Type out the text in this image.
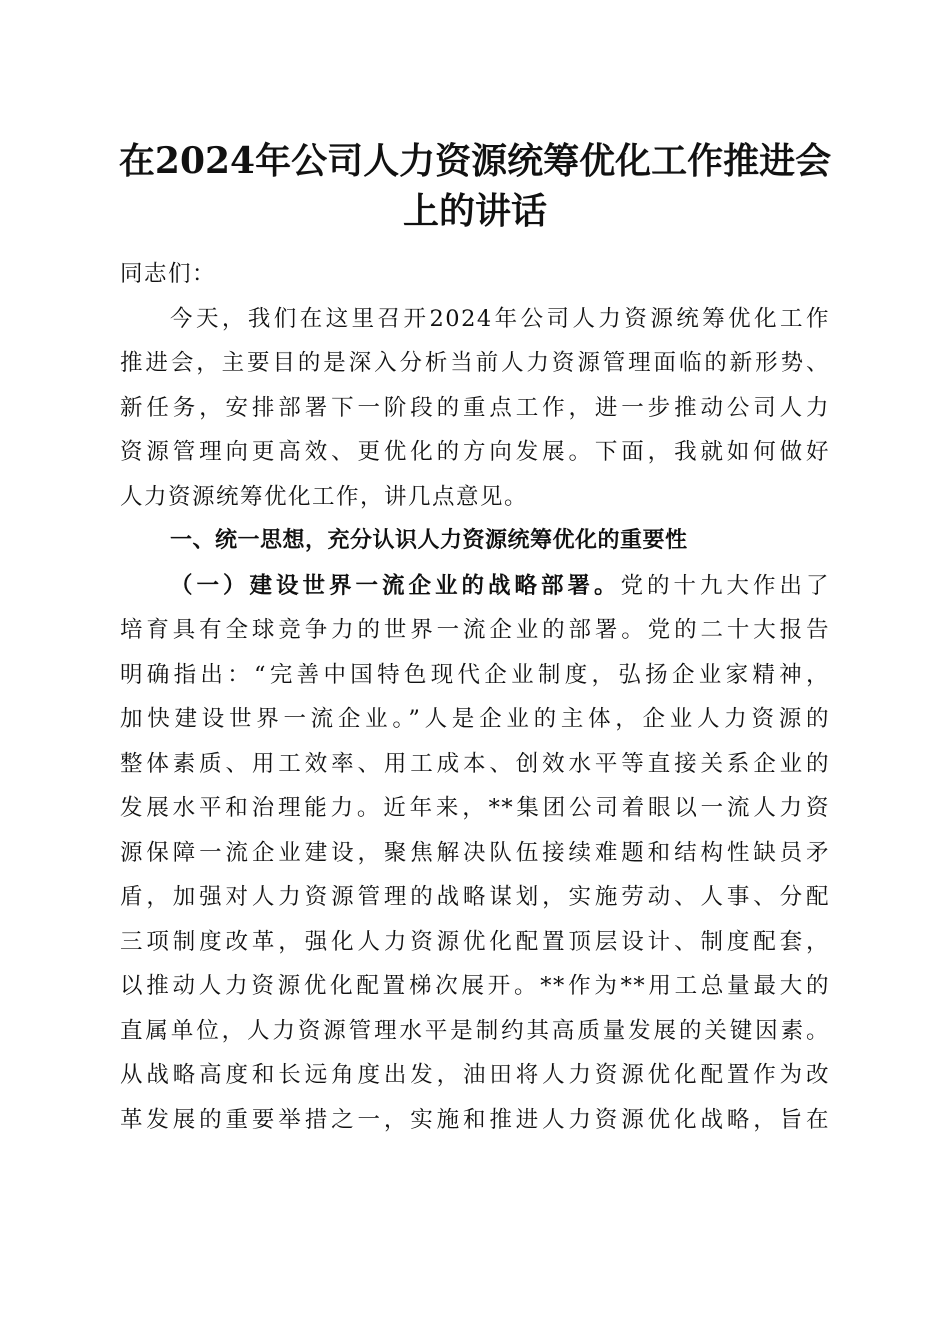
在2024年公司人力资源统筹优化工作推进会
上的讲话
同志们：
今天，我们在这里召开2024年公司人力资源统筹优化工作
推进会，主要目的是深入分析当前人力资源管理面临的新形势、
新任务，安排部署下一阶段的重点工作，进一步推动公司人力
资源管理向更高效、更优化的方向发展。下面，我就如何做好
人力资源统筹优化工作，讲几点意见。
一、统一思想，充分认识人力资源统筹优化的重要性
（一）建设世界一流企业的战略部署。党的十九大作出了
培育具有全球竞争力的世界一流企业的部署。党的二十大报告
明确指出：“完善中国特色现代企业制度，弘扬企业家精神，
加快建设世界一流企业。”人是企业的主体，企业人力资源的
整体素质、用工效率、用工成本、创效水平等直接关系企业的
发展水平和治理能力。近年来，**集团公司着眼以一流人力资
源保障一流企业建设，聚焦解决队伍接续难题和结构性缺员矛
盾，加强对人力资源管理的战略谋划，实施劳动、人事、分配
三项制度改革，强化人力资源优化配置顶层设计、制度配套，
以推动人力资源优化配置梯次展开。**作为**用工总量最大的
直属单位，人力资源管理水平是制约其高质量发展的关键因素。
从战略高度和长远角度出发，油田将人力资源优化配置作为改
革发展的重要举措之一，实施和推进人力资源优化战略，旨在
